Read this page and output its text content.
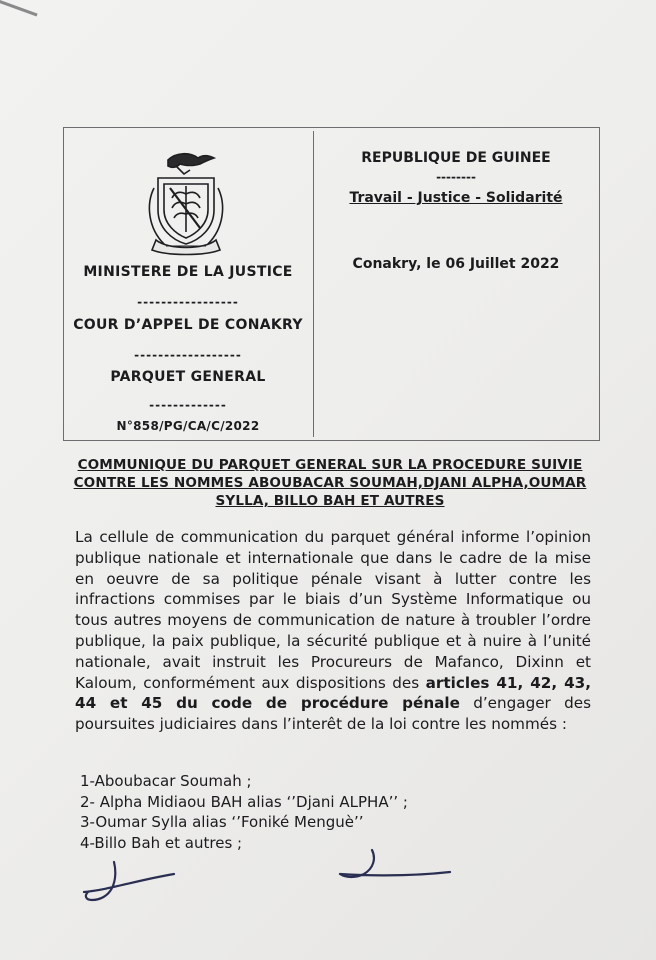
MINISTERE DE LA JUSTICE
-----------------
COUR D’APPEL DE CONAKRY
------------------
PARQUET GENERAL
-------------
N°858/PG/CA/C/2022
REPUBLIQUE DE GUINEE
--------
Travail - Justice - Solidarité
Conakry, le 06 Juillet 2022
COMMUNIQUE DU PARQUET GENERAL SUR LA PROCEDURE SUIVIE
CONTRE LES NOMMES ABOUBACAR SOUMAH,DJANI ALPHA,OUMAR
SYLLA, BILLO BAH ET AUTRES
La cellule de communication du parquet général informe l’opinion publique nationale et internationale que dans le cadre de la mise en oeuvre de sa politique pénale visant à lutter contre les infractions commises par le biais d’un Système Informatique ou tous autres moyens de communication de nature à troubler l’ordre publique, la paix publique, la sécurité publique et à nuire à l’unité nationale, avait instruit les Procureurs de Mafanco, Dixinn et Kaloum, conformément aux dispositions des articles 41, 42, 43, 44 et 45 du code de procédure pénale d’engager des poursuites judiciaires dans l’interêt de la loi contre les nommés :
1-Aboubacar Soumah ;
2- Alpha Midiaou BAH alias ‘’Djani ALPHA’’ ;
3-Oumar Sylla alias ‘’Foniké Menguè’’
4-Billo Bah et autres ;
